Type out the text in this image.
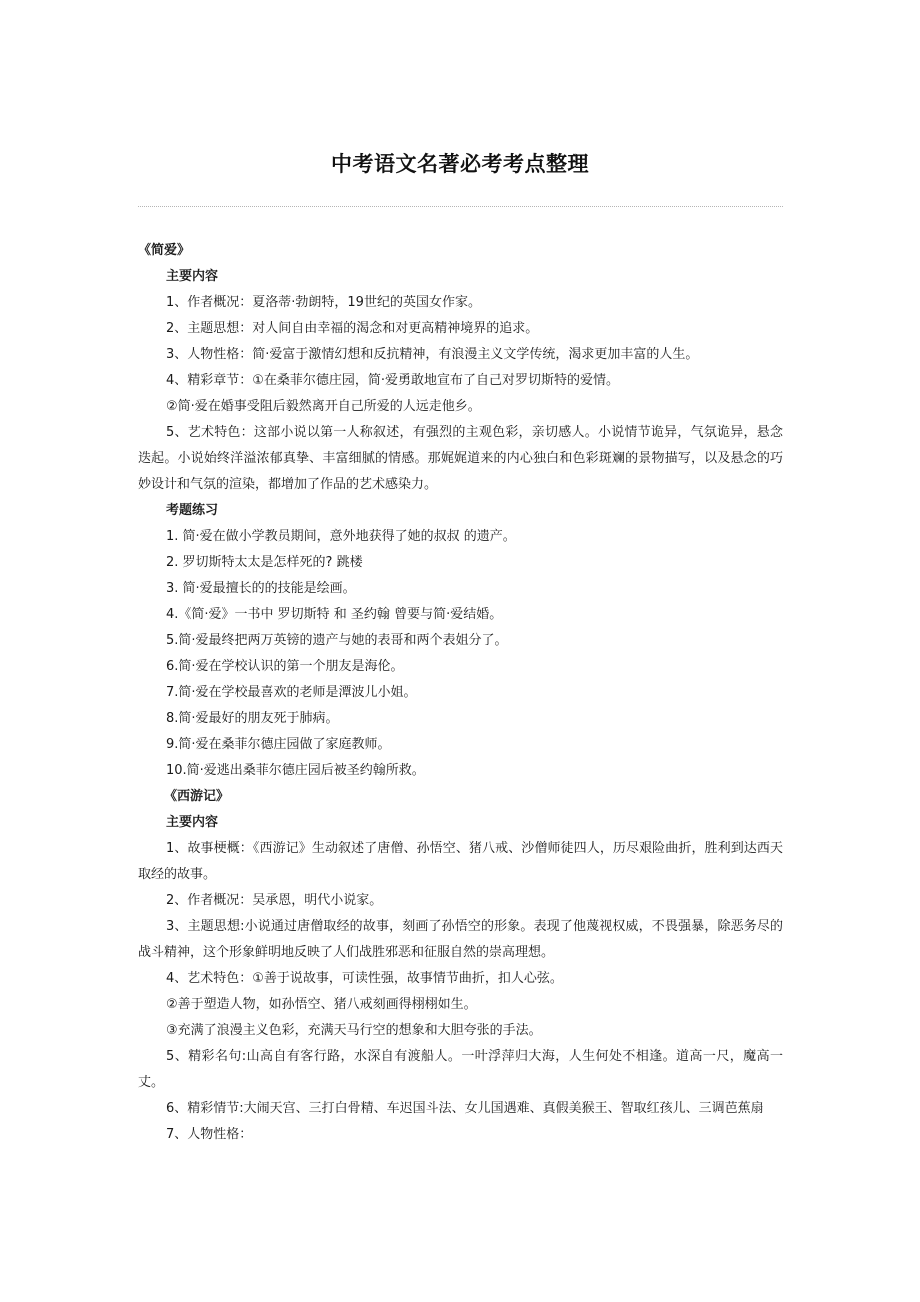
中考语文名著必考考点整理

《简爱》

主要内容

1、作者概况：夏洛蒂·勃朗特，19世纪的英国女作家。

2、主题思想：对人间自由幸福的渴念和对更高精神境界的追求。

3、人物性格：简·爱富于激情幻想和反抗精神，有浪漫主义文学传统，渴求更加丰富的人生。

4、精彩章节：①在桑菲尔德庄园，简·爱勇敢地宣布了自己对罗切斯特的爱情。

②简·爱在婚事受阻后毅然离开自己所爱的人远走他乡。

5、艺术特色：这部小说以第一人称叙述，有强烈的主观色彩，亲切感人。小说情节诡异，气氛诡异，悬念迭起。小说始终洋溢浓郁真挚、丰富细腻的情感。那娓娓道来的内心独白和色彩斑斓的景物描写，以及悬念的巧妙设计和气氛的渲染，都增加了作品的艺术感染力。

考题练习

1. 简·爱在做小学教员期间，意外地获得了她的叔叔 的遗产。

2. 罗切斯特太太是怎样死的? 跳楼

3. 简·爱最擅长的的技能是绘画。

4.《简·爱》一书中 罗切斯特 和 圣约翰 曾要与简·爱结婚。

5.简·爱最终把两万英镑的遗产与她的表哥和两个表姐分了。

6.简·爱在学校认识的第一个朋友是海伦。

7.简·爱在学校最喜欢的老师是潭波儿小姐。

8.简·爱最好的朋友死于肺病。

9.简·爱在桑菲尔德庄园做了家庭教师。

10.简·爱逃出桑菲尔德庄园后被圣约翰所救。

《西游记》

主要内容

1、故事梗概：《西游记》生动叙述了唐僧、孙悟空、猪八戒、沙僧师徒四人，历尽艰险曲折，胜利到达西天取经的故事。

2、作者概况：吴承恩，明代小说家。

3、主题思想:小说通过唐僧取经的故事，刻画了孙悟空的形象。表现了他蔑视权威，不畏强暴，除恶务尽的战斗精神，这个形象鲜明地反映了人们战胜邪恶和征服自然的崇高理想。

4、艺术特色：①善于说故事，可读性强，故事情节曲折，扣人心弦。

②善于塑造人物，如孙悟空、猪八戒刻画得栩栩如生。

③充满了浪漫主义色彩，充满天马行空的想象和大胆夸张的手法。

5、精彩名句:山高自有客行路，水深自有渡船人。一叶浮萍归大海，人生何处不相逢。道高一尺，魔高一丈。

6、精彩情节:大闹天宫、三打白骨精、车迟国斗法、女儿国遇难、真假美猴王、智取红孩儿、三调芭蕉扇

7、人物性格：
